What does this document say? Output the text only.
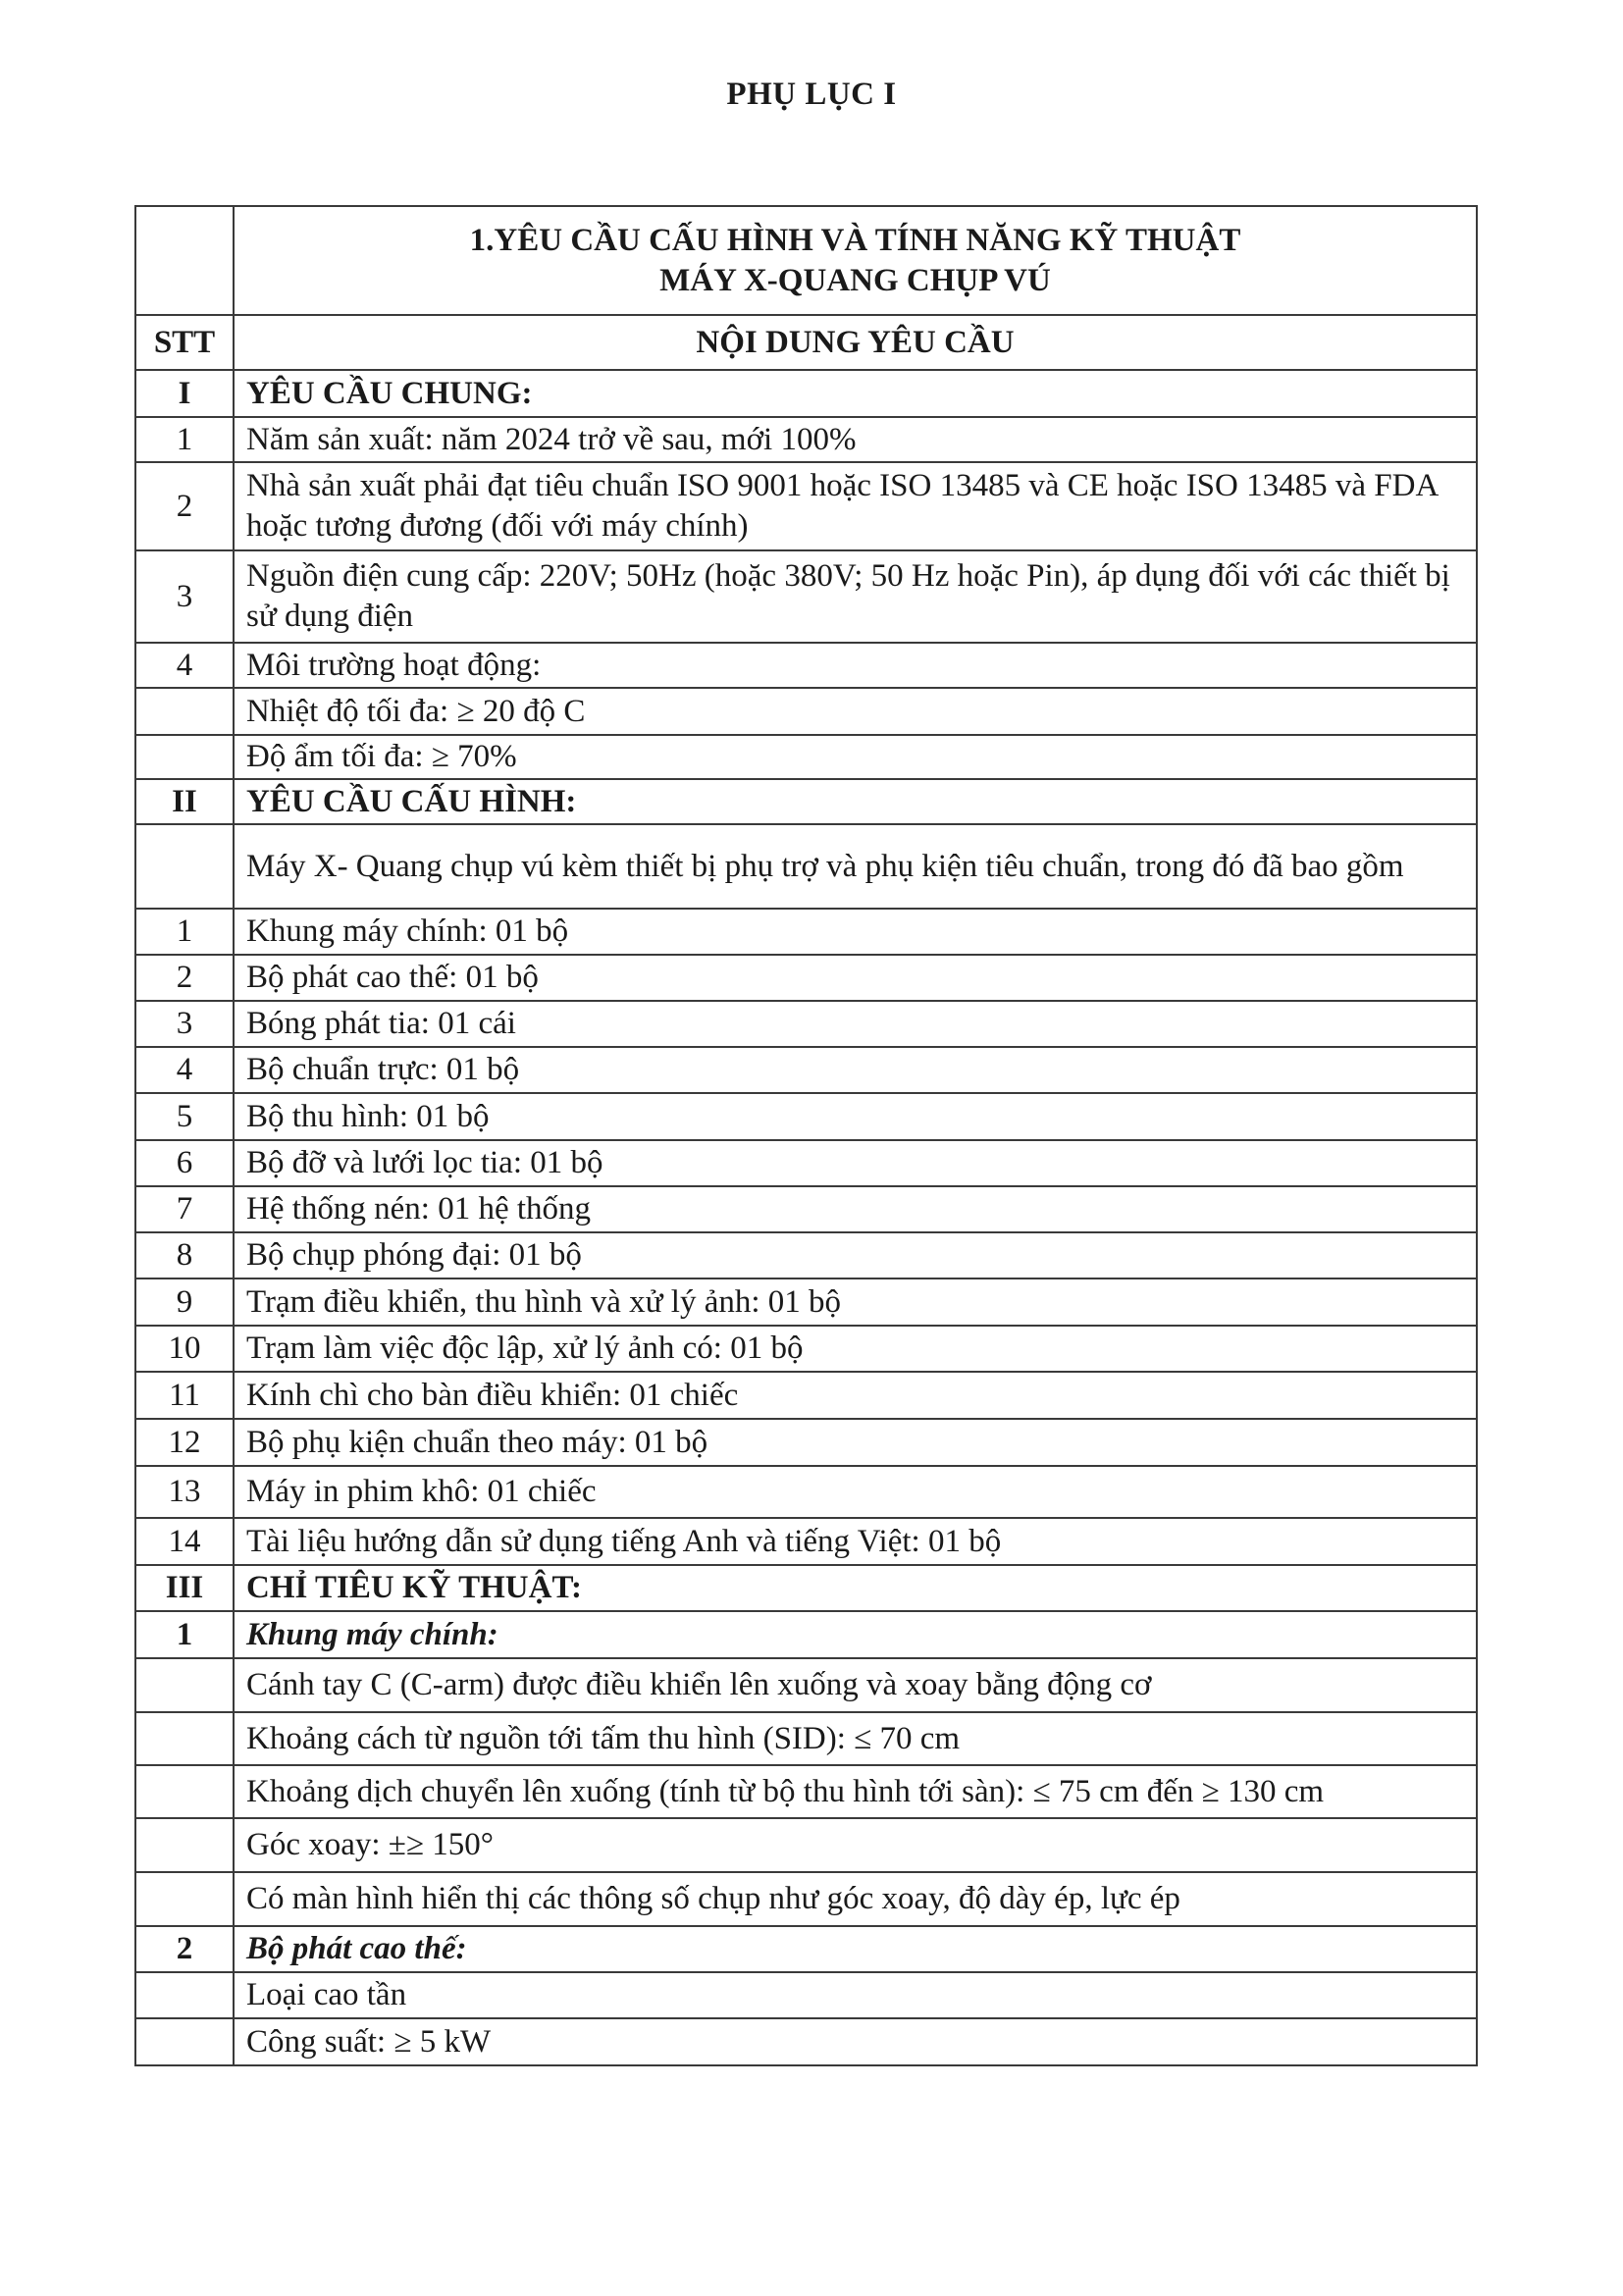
PHỤ LỤC I

	1.YÊU CẦU CẤU HÌNH VÀ TÍNH NĂNG KỸ THUẬT
MÁY X-QUANG CHỤP VÚ

STT	NỘI DUNG YÊU CẦU
I	YÊU CẦU CHUNG:
1	Năm sản xuất: năm 2024 trở về sau, mới 100%
2	Nhà sản xuất phải đạt tiêu chuẩn ISO 9001 hoặc ISO 13485 và CE hoặc ISO 13485 và FDA hoặc tương đương (đối với máy chính)
3	Nguồn điện cung cấp: 220V; 50Hz (hoặc 380V; 50 Hz hoặc Pin), áp dụng đối với các thiết bị sử dụng điện
4	Môi trường hoạt động:
	Nhiệt độ tối đa: ≥ 20 độ C
	Độ ẩm tối đa: ≥ 70%
II	YÊU CẦU CẤU HÌNH:
	Máy X- Quang chụp vú kèm thiết bị phụ trợ và phụ kiện tiêu chuẩn, trong đó đã bao gồm
1	Khung máy chính: 01 bộ
2	Bộ phát cao thế: 01 bộ
3	Bóng phát tia: 01 cái
4	Bộ chuẩn trực: 01 bộ
5	Bộ thu hình: 01 bộ
6	Bộ đỡ và lưới lọc tia: 01 bộ
7	Hệ thống nén: 01 hệ thống
8	Bộ chụp phóng đại: 01 bộ
9	Trạm điều khiển, thu hình và xử lý ảnh: 01 bộ
10	Trạm làm việc độc lập, xử lý ảnh có: 01 bộ
11	Kính chì cho bàn điều khiển: 01 chiếc
12	Bộ phụ kiện chuẩn theo máy: 01 bộ
13	Máy in phim khô: 01 chiếc
14	Tài liệu hướng dẫn sử dụng tiếng Anh và tiếng Việt: 01 bộ
III	CHỈ TIÊU KỸ THUẬT:
1	Khung máy chính:
	Cánh tay C (C-arm) được điều khiển lên xuống và xoay bằng động cơ
	Khoảng cách từ nguồn tới tấm thu hình (SID): ≤ 70 cm
	Khoảng dịch chuyển lên xuống (tính từ bộ thu hình tới sàn): ≤ 75 cm đến ≥ 130 cm
	Góc xoay: ±≥ 150°
	Có màn hình hiển thị các thông số chụp như góc xoay, độ dày ép, lực ép
2	Bộ phát cao thế:
	Loại cao tần
	Công suất: ≥ 5 kW
